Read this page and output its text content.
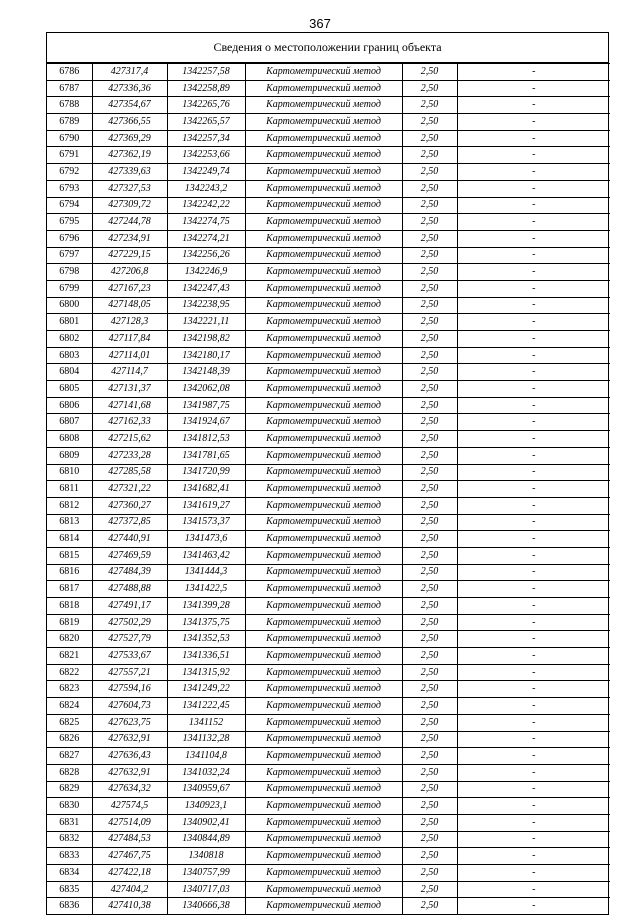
367
Сведения о местоположении границ объекта
6786	427317,4	1342257,58	Картометрический метод	2,50	-
6787	427336,36	1342258,89	Картометрический метод	2,50	-
6788	427354,67	1342265,76	Картометрический метод	2,50	-
6789	427366,55	1342265,57	Картометрический метод	2,50	-
6790	427369,29	1342257,34	Картометрический метод	2,50	-
6791	427362,19	1342253,66	Картометрический метод	2,50	-
6792	427339,63	1342249,74	Картометрический метод	2,50	-
6793	427327,53	1342243,2	Картометрический метод	2,50	-
6794	427309,72	1342242,22	Картометрический метод	2,50	-
6795	427244,78	1342274,75	Картометрический метод	2,50	-
6796	427234,91	1342274,21	Картометрический метод	2,50	-
6797	427229,15	1342256,26	Картометрический метод	2,50	-
6798	427206,8	1342246,9	Картометрический метод	2,50	-
6799	427167,23	1342247,43	Картометрический метод	2,50	-
6800	427148,05	1342238,95	Картометрический метод	2,50	-
6801	427128,3	1342221,11	Картометрический метод	2,50	-
6802	427117,84	1342198,82	Картометрический метод	2,50	-
6803	427114,01	1342180,17	Картометрический метод	2,50	-
6804	427114,7	1342148,39	Картометрический метод	2,50	-
6805	427131,37	1342062,08	Картометрический метод	2,50	-
6806	427141,68	1341987,75	Картометрический метод	2,50	-
6807	427162,33	1341924,67	Картометрический метод	2,50	-
6808	427215,62	1341812,53	Картометрический метод	2,50	-
6809	427233,28	1341781,65	Картометрический метод	2,50	-
6810	427285,58	1341720,99	Картометрический метод	2,50	-
6811	427321,22	1341682,41	Картометрический метод	2,50	-
6812	427360,27	1341619,27	Картометрический метод	2,50	-
6813	427372,85	1341573,37	Картометрический метод	2,50	-
6814	427440,91	1341473,6	Картометрический метод	2,50	-
6815	427469,59	1341463,42	Картометрический метод	2,50	-
6816	427484,39	1341444,3	Картометрический метод	2,50	-
6817	427488,88	1341422,5	Картометрический метод	2,50	-
6818	427491,17	1341399,28	Картометрический метод	2,50	-
6819	427502,29	1341375,75	Картометрический метод	2,50	-
6820	427527,79	1341352,53	Картометрический метод	2,50	-
6821	427533,67	1341336,51	Картометрический метод	2,50	-
6822	427557,21	1341315,92	Картометрический метод	2,50	-
6823	427594,16	1341249,22	Картометрический метод	2,50	-
6824	427604,73	1341222,45	Картометрический метод	2,50	-
6825	427623,75	1341152	Картометрический метод	2,50	-
6826	427632,91	1341132,28	Картометрический метод	2,50	-
6827	427636,43	1341104,8	Картометрический метод	2,50	-
6828	427632,91	1341032,24	Картометрический метод	2,50	-
6829	427634,32	1340959,67	Картометрический метод	2,50	-
6830	427574,5	1340923,1	Картометрический метод	2,50	-
6831	427514,09	1340902,41	Картометрический метод	2,50	-
6832	427484,53	1340844,89	Картометрический метод	2,50	-
6833	427467,75	1340818	Картометрический метод	2,50	-
6834	427422,18	1340757,99	Картометрический метод	2,50	-
6835	427404,2	1340717,03	Картометрический метод	2,50	-
6836	427410,38	1340666,38	Картометрический метод	2,50	-
